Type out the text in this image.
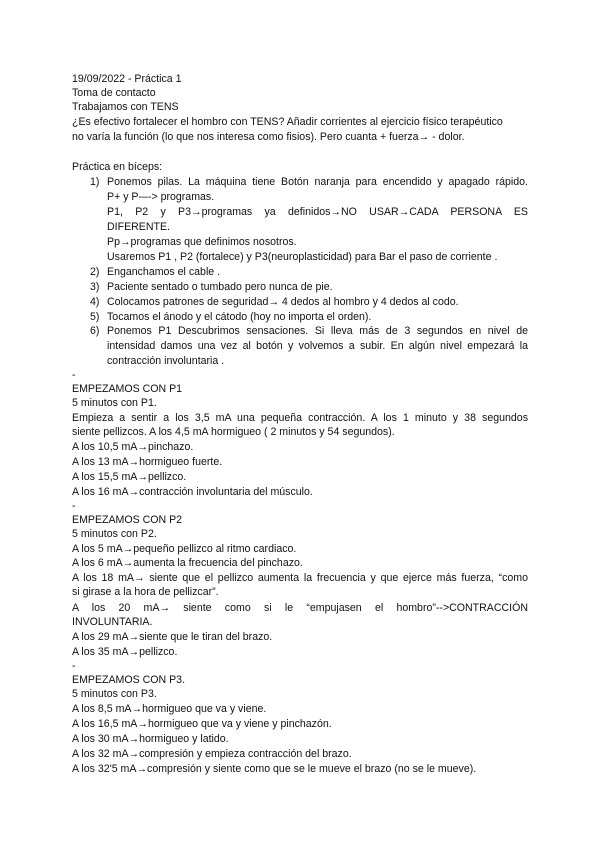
19/09/2022 - Práctica 1
Toma de contacto
Trabajamos con TENS
¿Es efectivo fortalecer el hombro con TENS? Añadir corrientes al ejercicio físico terapéutico
no varía la función (lo que nos interesa como fisios). Pero cuanta + fuerza→ - dolor.
Práctica en bíceps:
1) Ponemos pilas. La máquina tiene Botón naranja para encendido y apagado rápido.
P+ y P-–-> programas.
P1, P2 y P3→programas ya definidos→NO USAR→CADA PERSONA ES
DIFERENTE.
Pp→programas que definimos nosotros.
Usaremos P1 , P2 (fortalece) y P3(neuroplasticidad) para Bar el paso de corriente .
2) Enganchamos el cable .
3) Paciente sentado o tumbado pero nunca de pie.
4) Colocamos patrones de seguridad→ 4 dedos al hombro y 4 dedos al codo.
5) Tocamos el ánodo y el cátodo (hoy no importa el orden).
6) Ponemos P1 Descubrimos sensaciones. Si lleva más de 3 segundos en nivel de
intensidad damos una vez al botón y volvemos a subir. En algún nivel empezará la
contracción involuntaria .
-
EMPEZAMOS CON P1
5 minutos con P1.
Empieza a sentir a los 3,5 mA una pequeña contracción. A los 1 minuto y 38 segundos
siente pellizcos. A los 4,5 mA hormigueo ( 2 minutos y 54 segundos).
A los 10,5 mA→pinchazo.
A los 13 mA→hormigueo fuerte.
A los 15,5 mA→pellizco.
A los 16 mA→contracción involuntaria del músculo.
-
EMPEZAMOS CON P2
5 minutos con P2.
A los 5 mA→pequeño pellizco al ritmo cardiaco.
A los 6 mA→aumenta la frecuencia del pinchazo.
A los 18 mA→ siente que el pellizco aumenta la frecuencia y que ejerce más fuerza, “como
si girase a la hora de pellizcar”.
A los 20 mA→ siente como si le “empujasen el hombro”-->CONTRACCIÓN
INVOLUNTARIA.
A los 29 mA→siente que le tiran del brazo.
A los 35 mA→pellizco.
-
EMPEZAMOS CON P3.
5 minutos con P3.
A los 8,5 mA→hormigueo que va y viene.
A los 16,5 mA→hormigueo que va y viene y pinchazón.
A los 30 mA→hormigueo y latido.
A los 32 mA→compresión y empieza contracción del brazo.
A los 32'5 mA→compresión y siente como que se le mueve el brazo (no se le mueve).
